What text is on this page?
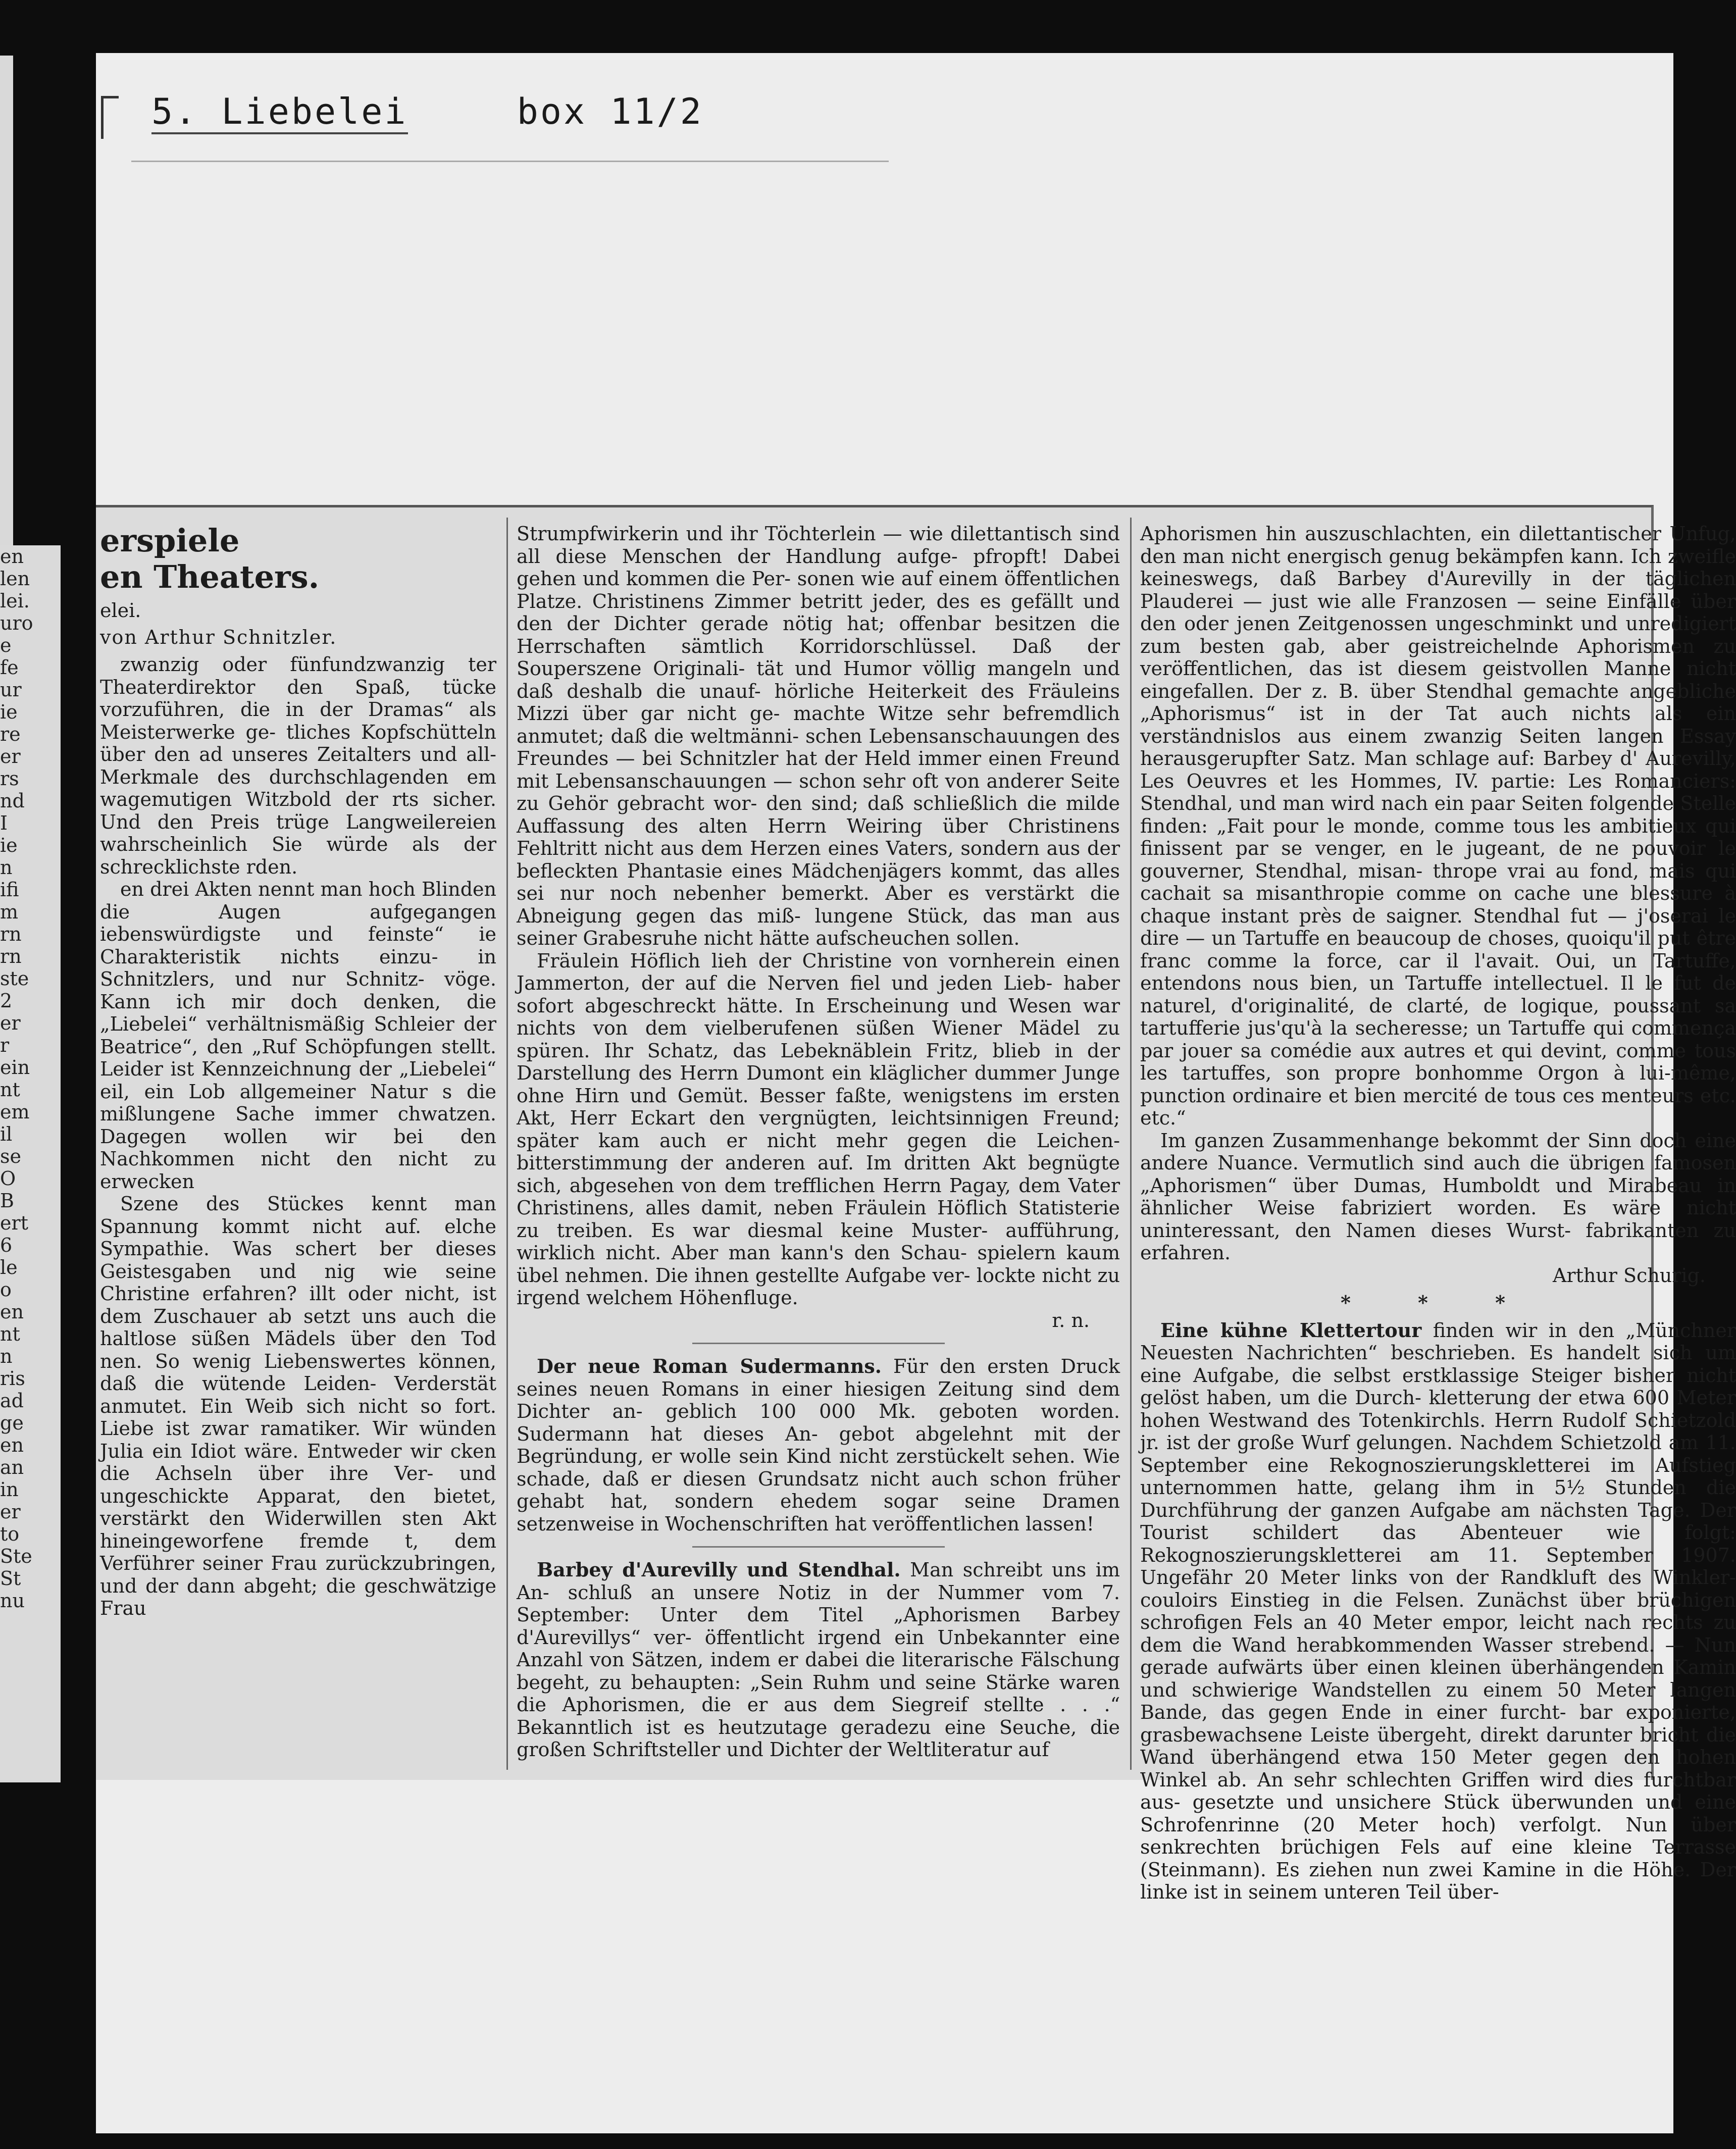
en
len
lei.
uro
e
fe
ur
ie
re
er
rs
nd
I
ie
n
ifi
m
rn
rn
ste
2
er
r
ein
nt
em
il
se
O
B
ert
6
le
o
en
nt
n
ris
ad
ge
en
an
in
er
to
Ste
St
nu
5. Liebelei	box 11/2
erspiele
en Theaters.
elei.
von Arthur Schnitzler.

zwanzig oder fünfundzwanzig ter Theaterdirektor den Spaß, tücke vorzuführen, die in der Dramas“ als Meisterwerke ge- tliches Kopfschütteln über den ad unseres Zeitalters und all- Merkmale des durchschlagenden em wagemutigen Witzbold der rts sicher. Und den Preis trüge Langweilereien wahrscheinlich Sie würde als der schrecklichste rden.

en drei Akten nennt man hoch Blinden die Augen aufgegangen iebenswürdigste und feinste“ ie Charakteristik nichts einzu- in Schnitzlers, und nur Schnitz- vöge. Kann ich mir doch denken, die „Liebelei“ verhältnismäßig Schleier der Beatrice“, den „Ruf Schöpfungen stellt. Leider ist Kennzeichnung der „Liebelei“ eil, ein Lob allgemeiner Natur s die mißlungene Sache immer chwatzen. Dagegen wollen wir bei den Nachkommen nicht den nicht zu erwecken

Szene des Stückes kennt man Spannung kommt nicht auf. elche Sympathie. Was schert ber dieses Geistesgaben und nig wie seine Christine erfahren? illt oder nicht, ist dem Zuschauer ab setzt uns auch die haltlose süßen Mädels über den Tod nen. So wenig Liebenswertes können, daß die wütende Leiden- Verderstät anmutet. Ein Weib sich nicht so fort. Liebe ist zwar ramatiker. Wir wünden Julia ein Idiot wäre. Entweder wir cken die Achseln über ihre Ver- und ungeschickte Apparat, den bietet, verstärkt den Widerwillen sten Akt hineingeworfene fremde t, dem Verführer seiner Frau zurückzubringen, und der dann abgeht; die geschwätzige Frau

Strumpfwirkerin und ihr Töchterlein — wie dilettantisch sind all diese Menschen der Handlung aufge- pfropft! Dabei gehen und kommen die Per- sonen wie auf einem öffentlichen Platze. Christinens Zimmer betritt jeder, des es gefällt und den der Dichter gerade nötig hat; offenbar besitzen die Herrschaften sämtlich Korridorschlüssel. Daß der Souperszene Originali- tät und Humor völlig mangeln und daß deshalb die unauf- hörliche Heiterkeit des Fräuleins Mizzi über gar nicht ge- machte Witze sehr befremdlich anmutet; daß die weltmänni- schen Lebensanschauungen des Freundes — bei Schnitzler hat der Held immer einen Freund mit Lebensanschauungen — schon sehr oft von anderer Seite zu Gehör gebracht wor- den sind; daß schließlich die milde Auffassung des alten Herrn Weiring über Christinens Fehltritt nicht aus dem Herzen eines Vaters, sondern aus der befleckten Phantasie eines Mädchenjägers kommt, das alles sei nur noch nebenher bemerkt. Aber es verstärkt die Abneigung gegen das miß- lungene Stück, das man aus seiner Grabesruhe nicht hätte aufscheuchen sollen.

Fräulein Höflich lieh der Christine von vornherein einen Jammerton, der auf die Nerven fiel und jeden Lieb- haber sofort abgeschreckt hätte. In Erscheinung und Wesen war nichts von dem vielberufenen süßen Wiener Mädel zu spüren. Ihr Schatz, das Lebeknäblein Fritz, blieb in der Darstellung des Herrn Dumont ein kläglicher dummer Junge ohne Hirn und Gemüt. Besser faßte, wenigstens im ersten Akt, Herr Eckart den vergnügten, leichtsinnigen Freund; später kam auch er nicht mehr gegen die Leichen- bitterstimmung der anderen auf. Im dritten Akt begnügte sich, abgesehen von dem trefflichen Herrn Pagay, dem Vater Christinens, alles damit, neben Fräulein Höflich Statisterie zu treiben. Es war diesmal keine Muster- aufführung, wirklich nicht. Aber man kann's den Schau- spielern kaum übel nehmen. Die ihnen gestellte Aufgabe ver- lockte nicht zu irgend welchem Höhenfluge.

r. n.

Der neue Roman Sudermanns. Für den ersten Druck seines neuen Romans in einer hiesigen Zeitung sind dem Dichter an- geblich 100 000 Mk. geboten worden. Sudermann hat dieses An- gebot abgelehnt mit der Begründung, er wolle sein Kind nicht zerstückelt sehen. Wie schade, daß er diesen Grundsatz nicht auch schon früher gehabt hat, sondern ehedem sogar seine Dramen setzenweise in Wochenschriften hat veröffentlichen lassen!

Barbey d'Aurevilly und Stendhal. Man schreibt uns im An- schluß an unsere Notiz in der Nummer vom 7. September: Unter dem Titel „Aphorismen Barbey d'Aurevillys“ ver- öffentlicht irgend ein Unbekannter eine Anzahl von Sätzen, indem er dabei die literarische Fälschung begeht, zu behaupten: „Sein Ruhm und seine Stärke waren die Aphorismen, die er aus dem Siegreif stellte . . .“ Bekanntlich ist es heutzutage geradezu eine Seuche, die großen Schriftsteller und Dichter der Weltliteratur auf

Aphorismen hin auszuschlachten, ein dilettantischer Unfug, den man nicht energisch genug bekämpfen kann. Ich zweifle keineswegs, daß Barbey d'Aurevilly in der täglichen Plauderei — just wie alle Franzosen — seine Einfälle über den oder jenen Zeitgenossen ungeschminkt und unredigiert zum besten gab, aber geistreichelnde Aphorismen zu veröffentlichen, das ist diesem geistvollen Manne nicht eingefallen. Der z. B. über Stendhal gemachte angebliche „Aphorismus“ ist in der Tat auch nichts als ein verständnislos aus einem zwanzig Seiten langen Essay herausgerupfter Satz. Man schlage auf: Barbey d' Aurevilly, Les Oeuvres et les Hommes, IV. partie: Les Romanciers: Stendhal, und man wird nach ein paar Seiten folgende Stelle finden: „Fait pour le monde, comme tous les ambitieux qui finissent par se venger, en le jugeant, de ne pouvoir le gouverner, Stendhal, misan- thrope vrai au fond, mais qui cachait sa misanthropie comme on cache une blessure à chaque instant près de saigner. Stendhal fut — j'oserai le dire — un Tartuffe en beaucoup de choses, quoiqu'il put être franc comme la force, car il l'avait. Oui, un Tartuffe, entendons nous bien, un Tartuffe intellectuel. Il le fut de naturel, d'originalité, de clarté, de logique, poussant sa tartufferie jus'qu'à la secheresse; un Tartuffe qui commença par jouer sa comédie aux autres et qui devint, comme tous les tartuffes, son propre bonhomme Orgon à lui-même, punction ordinaire et bien mercité de tous ces menteurs etc. etc.“

Im ganzen Zusammenhange bekommt der Sinn doch eine andere Nuance. Vermutlich sind auch die übrigen famosen „Aphorismen“ über Dumas, Humboldt und Mirabeau in ähnlicher Weise fabriziert worden. Es wäre nicht uninteressant, den Namen dieses Wurst- fabrikanten zu erfahren.

Arthur Schurig.
* * *

Eine kühne Klettertour finden wir in den „Münchner Neuesten Nachrichten“ beschrieben. Es handelt sich um eine Aufgabe, die selbst erstklassige Steiger bisher nicht gelöst haben, um die Durch- kletterung der etwa 600 Meter hohen Westwand des Totenkirchls. Herrn Rudolf Schietzold jr. ist der große Wurf gelungen. Nachdem Schietzold am 11. September eine Rekognoszierungskletterei im Aufstieg unternommen hatte, gelang ihm in 5½ Stunden die Durchführung der ganzen Aufgabe am nächsten Tage. Der Tourist schildert das Abenteuer wie folgt: Rekognoszierungskletterei am 11. September 1907. Ungefähr 20 Meter links von der Randkluft des Winkler- couloirs Einstieg in die Felsen. Zunächst über brüchigen schrofigen Fels an 40 Meter empor, leicht nach rechts zu dem die Wand herabkommenden Wasser strebend. — Nun gerade aufwärts über einen kleinen überhängenden Kamin und schwierige Wandstellen zu einem 50 Meter langen Bande, das gegen Ende in einer furcht- bar exponierte, grasbewachsene Leiste übergeht, direkt darunter bricht die Wand überhängend etwa 150 Meter gegen den hohen Winkel ab. An sehr schlechten Griffen wird dies furchtbar aus- gesetzte und unsichere Stück überwunden und eine Schrofenrinne (20 Meter hoch) verfolgt. Nun über senkrechten brüchigen Fels auf eine kleine Terrasse (Steinmann). Es ziehen nun zwei Kamine in die Höhe. Der linke ist in seinem unteren Teil über-
